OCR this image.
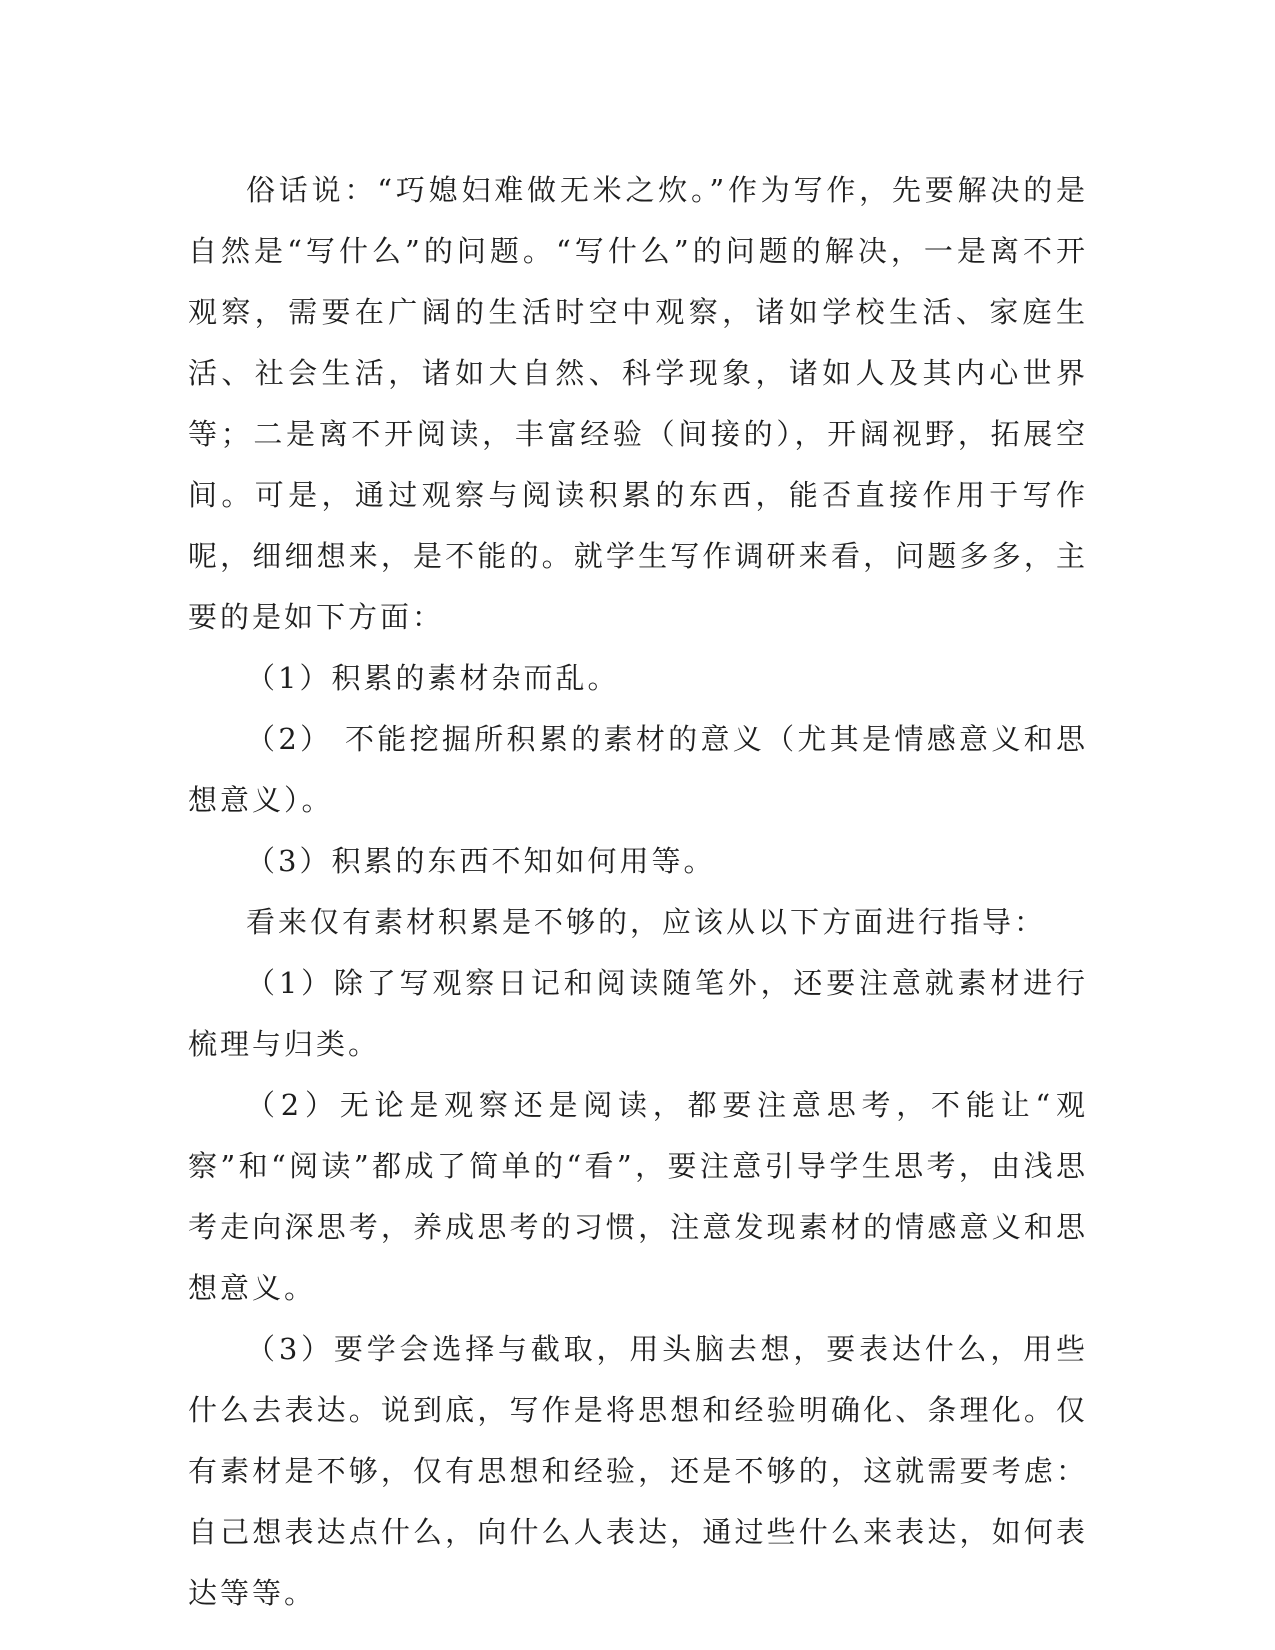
俗话说：“巧媳妇难做无米之炊。”作为写作，先要解决的是自然是“写什么”的问题。“写什么”的问题的解决，一是离不开观察，需要在广阔的生活时空中观察，诸如学校生活、家庭生活、社会生活，诸如大自然、科学现象，诸如人及其内心世界等；二是离不开阅读，丰富经验（间接的），开阔视野，拓展空间。可是，通过观察与阅读积累的东西，能否直接作用于写作呢，细细想来，是不能的。就学生写作调研来看，问题多多，主要的是如下方面：

（1）积累的素材杂而乱。

（2） 不能挖掘所积累的素材的意义（尤其是情感意义和思想意义）。

（3）积累的东西不知如何用等。

看来仅有素材积累是不够的，应该从以下方面进行指导：

（1）除了写观察日记和阅读随笔外，还要注意就素材进行梳理与归类。

（2）无论是观察还是阅读，都要注意思考，不能让“观察”和“阅读”都成了简单的“看”，要注意引导学生思考，由浅思考走向深思考，养成思考的习惯，注意发现素材的情感意义和思想意义。

（3）要学会选择与截取，用头脑去想，要表达什么，用些什么去表达。说到底，写作是将思想和经验明确化、条理化。仅有素材是不够，仅有思想和经验，还是不够的，这就需要考虑：自己想表达点什么，向什么人表达，通过些什么来表达，如何表达等等。
